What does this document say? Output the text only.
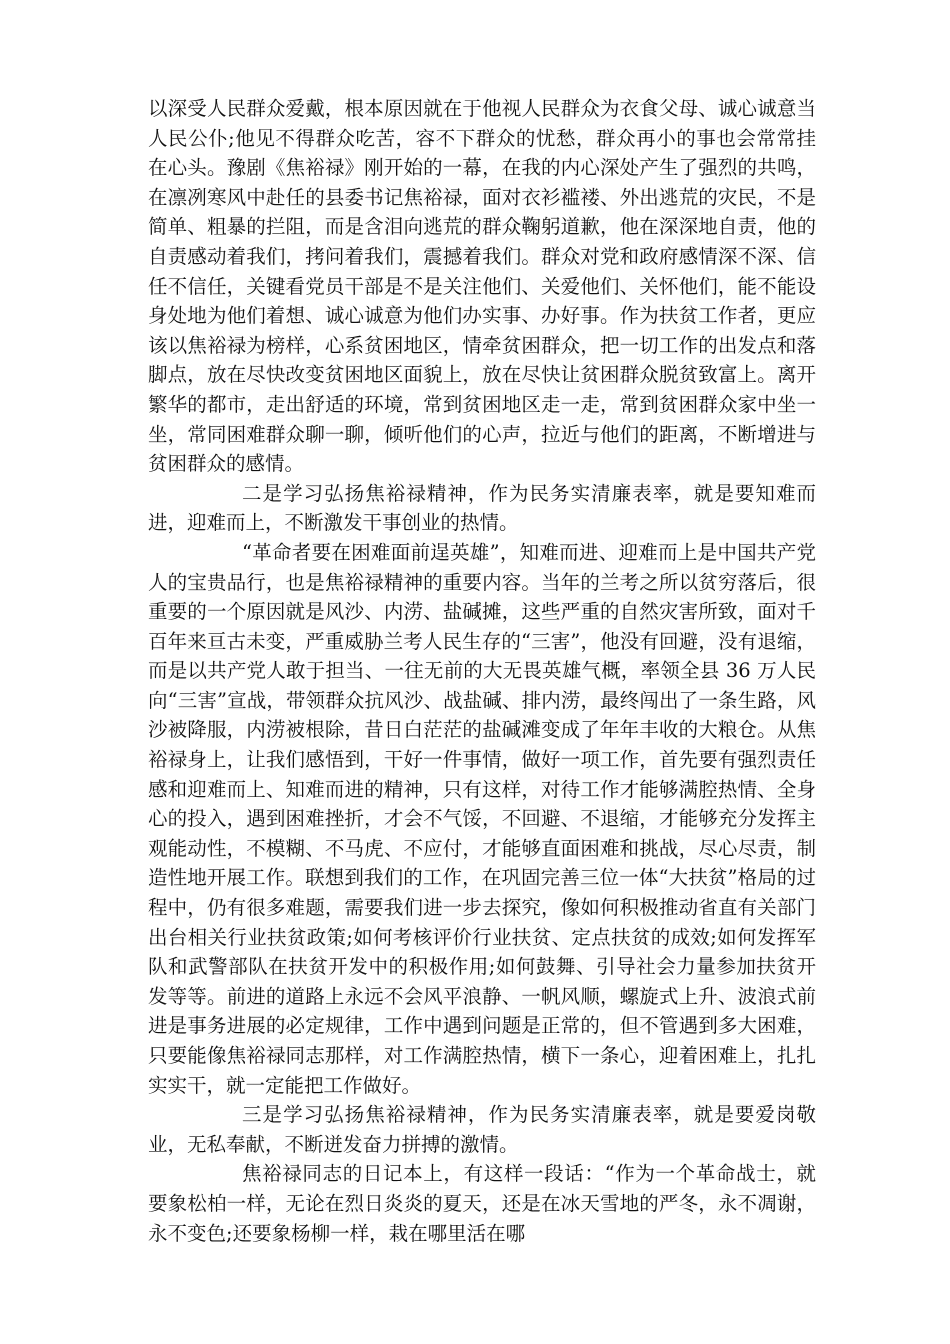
以深受人民群众爱戴，根本原因就在于他视人民群众为衣食父母、诚心诚意当人民公仆;他见不得群众吃苦，容不下群众的忧愁，群众再小的事也会常常挂在心头。豫剧《焦裕禄》刚开始的一幕，在我的内心深处产生了强烈的共鸣，在凛冽寒风中赴任的县委书记焦裕禄，面对衣衫褴褛、外出逃荒的灾民，不是简单、粗暴的拦阻，而是含泪向逃荒的群众鞠躬道歉，他在深深地自责，他的自责感动着我们，拷问着我们，震撼着我们。群众对党和政府感情深不深、信任不信任，关键看党员干部是不是关注他们、关爱他们、关怀他们，能不能设身处地为他们着想、诚心诚意为他们办实事、办好事。作为扶贫工作者，更应该以焦裕禄为榜样，心系贫困地区，情牵贫困群众，把一切工作的出发点和落脚点，放在尽快改变贫困地区面貌上，放在尽快让贫困群众脱贫致富上。离开繁华的都市，走出舒适的环境，常到贫困地区走一走，常到贫困群众家中坐一坐，常同困难群众聊一聊，倾听他们的心声，拉近与他们的距离，不断增进与贫困群众的感情。

二是学习弘扬焦裕禄精神，作为民务实清廉表率，就是要知难而进，迎难而上，不断激发干事创业的热情。

“革命者要在困难面前逞英雄”，知难而进、迎难而上是中国共产党人的宝贵品行，也是焦裕禄精神的重要内容。当年的兰考之所以贫穷落后，很重要的一个原因就是风沙、内涝、盐碱摊，这些严重的自然灾害所致，面对千百年来亘古未变，严重威胁兰考人民生存的“三害”，他没有回避，没有退缩，而是以共产党人敢于担当、一往无前的大无畏英雄气概，率领全县 36 万人民向“三害”宣战，带领群众抗风沙、战盐碱、排内涝，最终闯出了一条生路，风沙被降服，内涝被根除，昔日白茫茫的盐碱滩变成了年年丰收的大粮仓。从焦裕禄身上，让我们感悟到，干好一件事情，做好一项工作，首先要有强烈责任感和迎难而上、知难而进的精神，只有这样，对待工作才能够满腔热情、全身心的投入，遇到困难挫折，才会不气馁，不回避、不退缩，才能够充分发挥主观能动性，不模糊、不马虎、不应付，才能够直面困难和挑战，尽心尽责，制造性地开展工作。联想到我们的工作，在巩固完善三位一体“大扶贫”格局的过程中，仍有很多难题，需要我们进一步去探究，像如何积极推动省直有关部门出台相关行业扶贫政策;如何考核评价行业扶贫、定点扶贫的成效;如何发挥军队和武警部队在扶贫开发中的积极作用;如何鼓舞、引导社会力量参加扶贫开发等等。前进的道路上永远不会风平浪静、一帆风顺，螺旋式上升、波浪式前进是事务进展的必定规律，工作中遇到问题是正常的，但不管遇到多大困难，只要能像焦裕禄同志那样，对工作满腔热情，横下一条心，迎着困难上，扎扎实实干，就一定能把工作做好。

三是学习弘扬焦裕禄精神，作为民务实清廉表率，就是要爱岗敬业，无私奉献，不断迸发奋力拼搏的激情。

焦裕禄同志的日记本上，有这样一段话：“作为一个革命战士，就要象松柏一样，无论在烈日炎炎的夏天，还是在冰天雪地的严冬，永不凋谢，永不变色;还要象杨柳一样，栽在哪里活在哪
